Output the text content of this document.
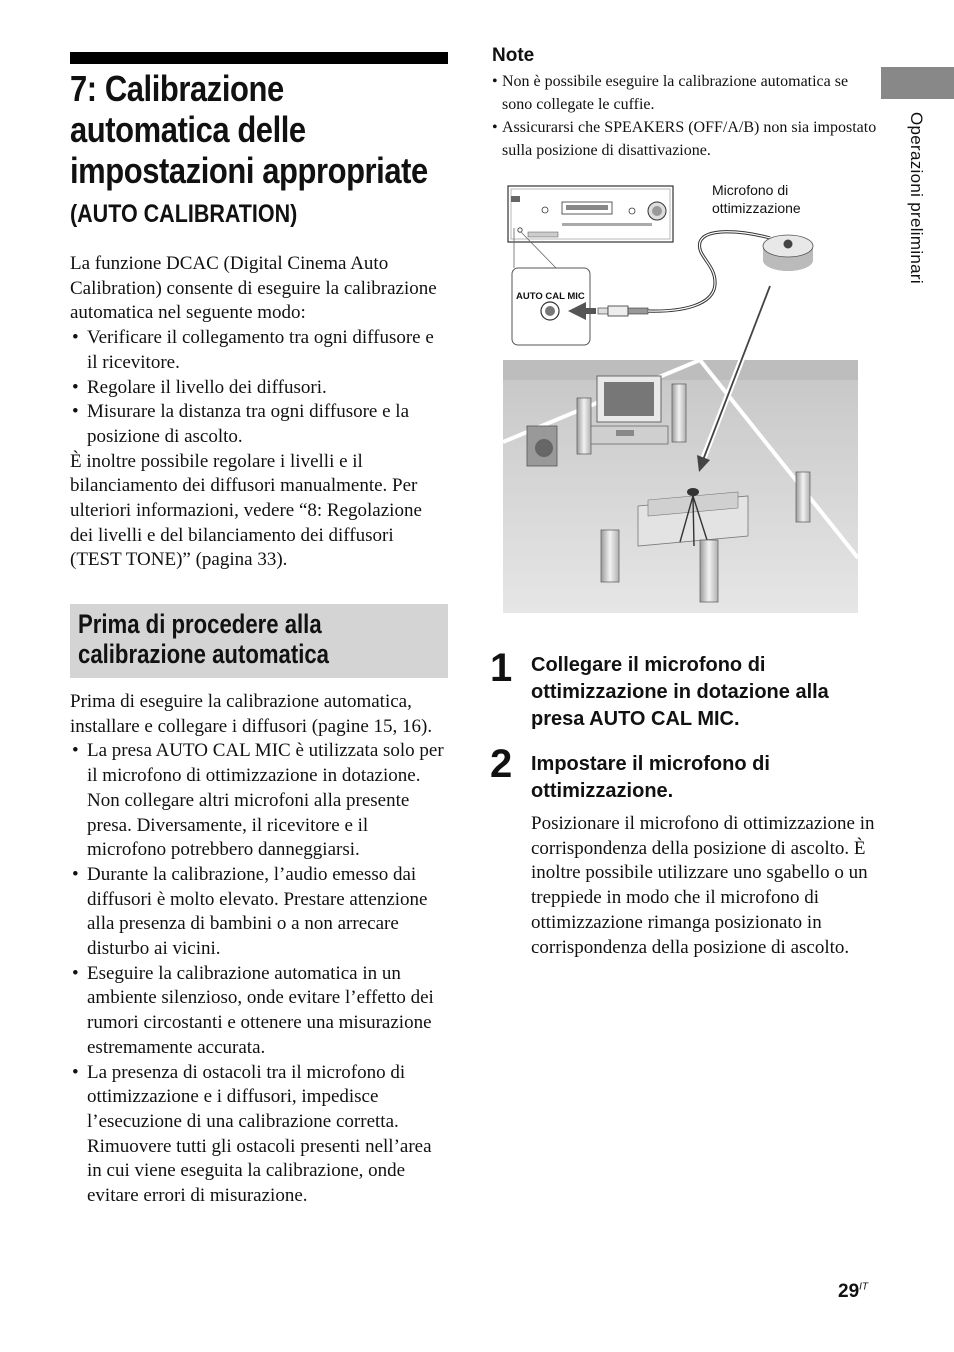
7: Calibrazione
automatica delle
impostazioni appropriate
(AUTO CALIBRATION)

La funzione DCAC (Digital Cinema Auto Calibration) consente di eseguire la calibrazione automatica nel seguente modo:

• Verificare il collegamento tra ogni diffusore e il ricevitore.
• Regolare il livello dei diffusori.
• Misurare la distanza tra ogni diffusore e la posizione di ascolto.

È inoltre possibile regolare i livelli e il bilanciamento dei diffusori manualmente. Per ulteriori informazioni, vedere “8: Regolazione dei livelli e del bilanciamento dei diffusori (TEST TONE)” (pagina 33).

Prima di procedere alla
calibrazione automatica

Prima di eseguire la calibrazione automatica, installare e collegare i diffusori (pagine 15, 16).

• La presa AUTO CAL MIC è utilizzata solo per il microfono di ottimizzazione in dotazione. Non collegare altri microfoni alla presente presa. Diversamente, il ricevitore e il microfono potrebbero danneggiarsi.
• Durante la calibrazione, l’audio emesso dai diffusori è molto elevato. Prestare attenzione alla presenza di bambini o a non arrecare disturbo ai vicini.
• Eseguire la calibrazione automatica in un ambiente silenzioso, onde evitare l’effetto dei rumori circostanti e ottenere una misurazione estremamente accurata.
• La presenza di ostacoli tra il microfono di ottimizzazione e i diffusori, impedisce l’esecuzione di una calibrazione corretta. Rimuovere tutti gli ostacoli presenti nell’area in cui viene eseguita la calibrazione, onde evitare errori di misurazione.
Note
• Non è possibile eseguire la calibrazione automatica se sono collegate le cuffie.
• Assicurarsi che SPEAKERS (OFF/A/B) non sia impostato sulla posizione di disattivazione.
AUTO CAL MIC
Microfono di
ottimizzazione
1 Collegare il microfono di
ottimizzazione in dotazione alla
presa AUTO CAL MIC.
2 Impostare il microfono di
ottimizzazione.

Posizionare il microfono di ottimizzazione in corrispondenza della posizione di ascolto. È inoltre possibile utilizzare uno sgabello o un treppiede in modo che il microfono di ottimizzazione rimanga posizionato in corrispondenza della posizione di ascolto.

Operazioni preliminari
$29^{IT}$
